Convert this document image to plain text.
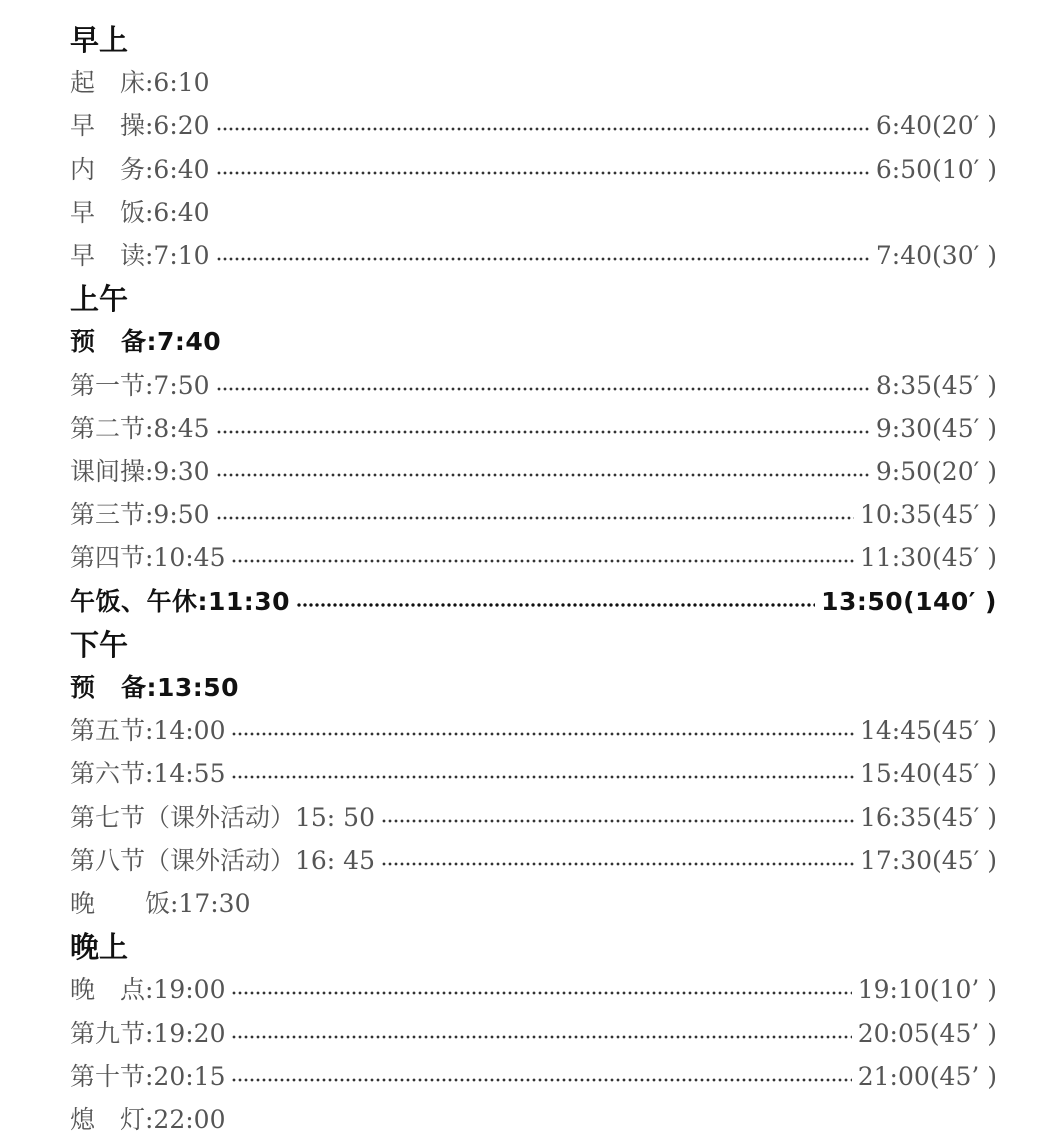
早上
起　床:6:10
早　操:6:20	6:40(20′ )
内　务:6:40	6:50(10′ )
早　饭:6:40
早　读:7:10	7:40(30′ )
上午
预　备:7:40
第一节:7:50	8:35(45′ )
第二节:8:45	9:30(45′ )
课间操:9:30	9:50(20′ )
第三节:9:50	10:35(45′ )
第四节:10:45	11:30(45′ )
午饭、午休:11:30	13:50(140′ )
下午
预　备:13:50
第五节:14:00	14:45(45′ )
第六节:14:55	15:40(45′ )
第七节（课外活动）15: 50	16:35(45′ )
第八节（课外活动）16: 45	17:30(45′ )
晚　　饭:17:30
晚上
晚　点:19:00	19:10(10’ )
第九节:19:20	20:05(45’ )
第十节:20:15	21:00(45’ )
熄　灯:22:00
